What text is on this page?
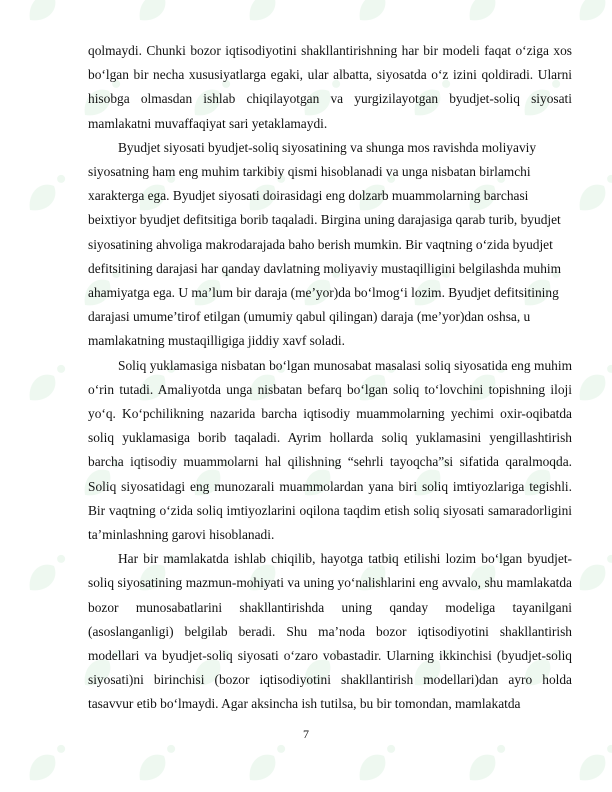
qolmaydi. Chunki bozor iqtisodiyotini shakllantirishning har bir modeli faqat o‘ziga xos bo‘lgan bir necha xususiyatlarga egaki, ular albatta, siyosatda o‘z izini qoldiradi. Ularni hisobga olmasdan ishlab chiqilayotgan va yurgizilayotgan byudjet-soliq siyosati mamlakatni muvaffaqiyat sari yetaklamaydi.

Byudjet siyosati byudjet-soliq siyosatining va shunga mos ravishda moliyaviy siyosatning ham eng muhim tarkibiy qismi hisoblanadi va unga nisbatan birlamchi xarakterga ega. Byudjet siyosati doirasidagi eng dolzarb muammolarning barchasi beixtiyor byudjet defitsitiga borib taqaladi. Birgina uning darajasiga qarab turib, byudjet siyosatining ahvoliga makrodarajada baho berish mumkin. Bir vaqtning o‘zida byudjet defitsitining darajasi har qanday davlatning moliyaviy mustaqilligini belgilashda muhim ahamiyatga ega. U ma’lum bir daraja (me’yor)da bo‘lmog‘i lozim. Byudjet defitsitining darajasi umume’tirof etilgan (umumiy qabul qilingan) daraja (me’yor)dan oshsa, u mamlakatning mustaqilligiga jiddiy xavf soladi.

Soliq yuklamasiga nisbatan bo‘lgan munosabat masalasi soliq siyosatida eng muhim o‘rin tutadi. Amaliyotda unga nisbatan befarq bo‘lgan soliq to‘lovchini topishning iloji yo‘q. Ko‘pchilikning nazarida barcha iqtisodiy muammolarning yechimi oxir-oqibatda soliq yuklamasiga borib taqaladi. Ayrim hollarda soliq yuklamasini yengillashtirish barcha iqtisodiy muammolarni hal qilishning “sehrli tayoqcha”si sifatida qaralmoqda. Soliq siyosatidagi eng munozarali muammolardan yana biri soliq imtiyozlariga tegishli. Bir vaqtning o‘zida soliq imtiyozlarini oqilona taqdim etish soliq siyosati samaradorligini ta’minlashning garovi hisoblanadi.

Har bir mamlakatda ishlab chiqilib, hayotga tatbiq etilishi lozim bo‘lgan byudjet-soliq siyosatining mazmun-mohiyati va uning yo‘nalishlarini eng avvalo, shu mamlakatda bozor munosabatlarini shakllantirishda uning qanday modeliga tayanilgani (asoslanganligi) belgilab beradi. Shu ma’noda bozor iqtisodiyotini shakllantirish modellari va byudjet-soliq siyosati o‘zaro vobastadir. Ularning ikkinchisi (byudjet-soliq siyosati)ni birinchisi (bozor iqtisodiyotini shakllantirish modellari)dan ayro holda tasavvur etib bo‘lmaydi. Agar aksincha ish tutilsa, bu bir tomondan, mamlakatda

7
